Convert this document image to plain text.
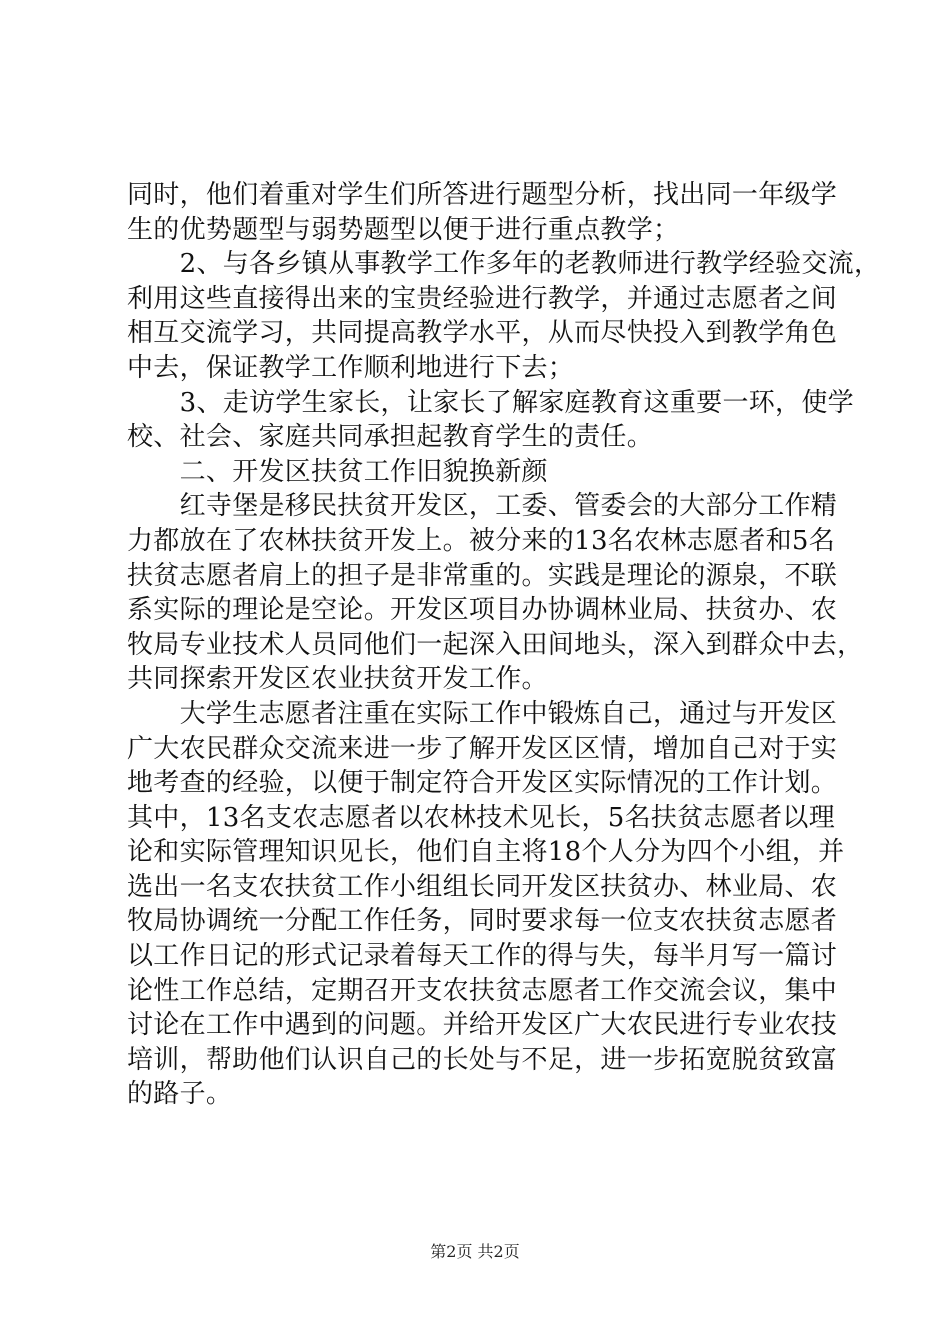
同时，他们着重对学生们所答进行题型分析，找出同一年级学
生的优势题型与弱势题型以便于进行重点教学；
　　2、与各乡镇从事教学工作多年的老教师进行教学经验交流，
利用这些直接得出来的宝贵经验进行教学，并通过志愿者之间
相互交流学习，共同提高教学水平，从而尽快投入到教学角色
中去，保证教学工作顺利地进行下去；
　　3、走访学生家长，让家长了解家庭教育这重要一环，使学
校、社会、家庭共同承担起教育学生的责任。
　　二、开发区扶贫工作旧貌换新颜
　　红寺堡是移民扶贫开发区，工委、管委会的大部分工作精
力都放在了农林扶贫开发上。被分来的13名农林志愿者和5名
扶贫志愿者肩上的担子是非常重的。实践是理论的源泉，不联
系实际的理论是空论。开发区项目办协调林业局、扶贫办、农
牧局专业技术人员同他们一起深入田间地头，深入到群众中去，
共同探索开发区农业扶贫开发工作。
　　大学生志愿者注重在实际工作中锻炼自己，通过与开发区
广大农民群众交流来进一步了解开发区区情，增加自己对于实
地考查的经验，以便于制定符合开发区实际情况的工作计划。
其中，13名支农志愿者以农林技术见长，5名扶贫志愿者以理
论和实际管理知识见长，他们自主将18个人分为四个小组，并
选出一名支农扶贫工作小组组长同开发区扶贫办、林业局、农
牧局协调统一分配工作任务，同时要求每一位支农扶贫志愿者
以工作日记的形式记录着每天工作的得与失，每半月写一篇讨
论性工作总结，定期召开支农扶贫志愿者工作交流会议，集中
讨论在工作中遇到的问题。并给开发区广大农民进行专业农技
培训，帮助他们认识自己的长处与不足，进一步拓宽脱贫致富
的路子。
第2页 共2页
